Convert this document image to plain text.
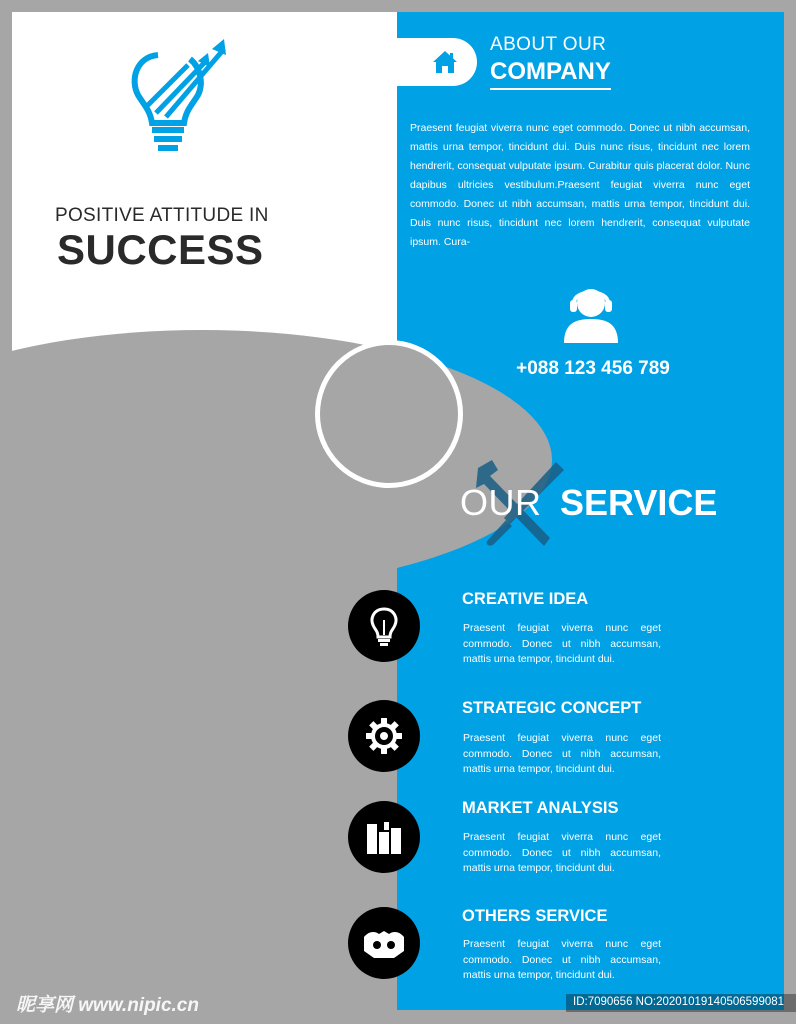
POSITIVE ATTITUDE IN
SUCCESS
ABOUT OUR
COMPANY
Praesent feugiat viverra nunc eget commodo. Donec ut nibh accumsan, mattis urna tempor, tincidunt dui. Duis nunc risus, tincidunt nec lorem hendrerit, consequat vulputate ipsum. Curabitur quis placerat dolor. Nunc dapibus ultricies vestibulum.Praesent feugiat viverra nunc eget commodo. Donec ut nibh accumsan, mattis urna tempor, tincidunt dui. Duis nunc risus, tincidunt nec lorem hendrerit, consequat vulputate ipsum. Cura-
+088 123 456 789
OUR SERVICE
CREATIVE IDEA
Praesent feugiat viverra nunc eget commodo. Donec ut nibh accumsan, mattis urna tempor, tincidunt dui.
STRATEGIC CONCEPT
Praesent feugiat viverra nunc eget commodo. Donec ut nibh accumsan, mattis urna tempor, tincidunt dui.
MARKET ANALYSIS
Praesent feugiat viverra nunc eget commodo. Donec ut nibh accumsan, mattis urna tempor, tincidunt dui.
OTHERS SERVICE
Praesent feugiat viverra nunc eget commodo. Donec ut nibh accumsan, mattis urna tempor, tincidunt dui.
昵享网 www.nipic.cn	ID:7090656 NO:20201019140506599081
